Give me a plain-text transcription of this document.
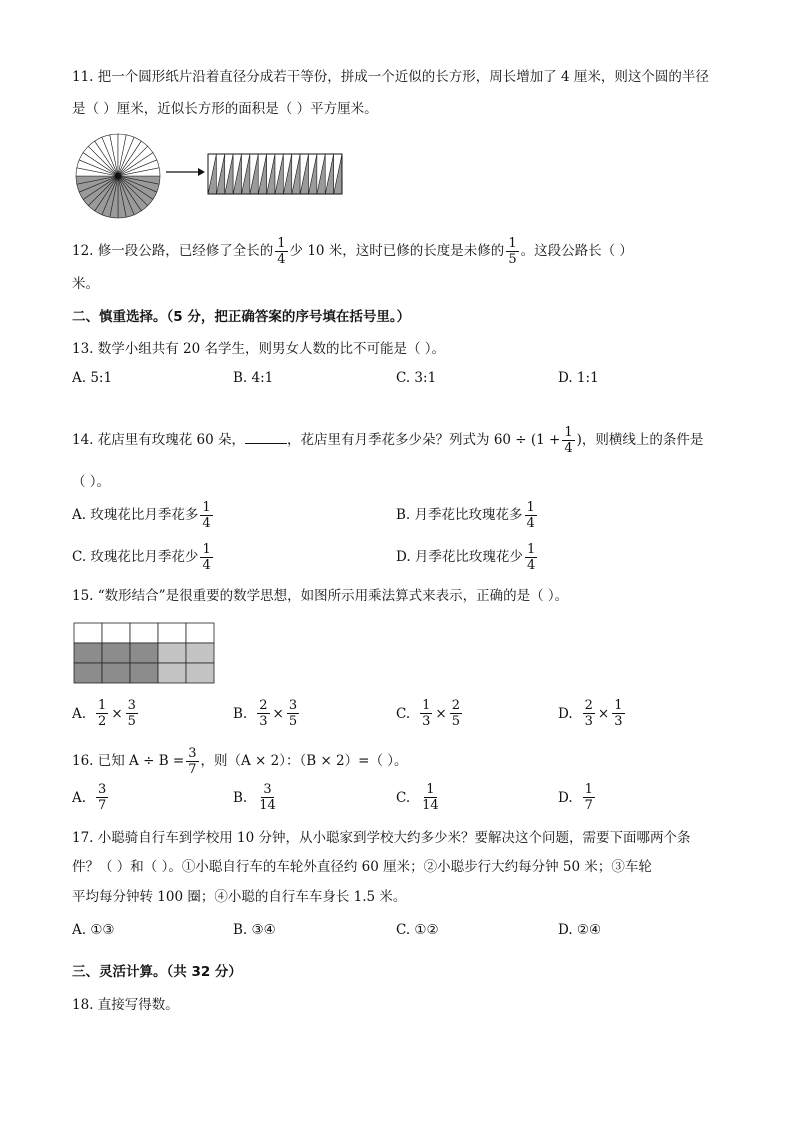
11. 把一个圆形纸片沿着直径分成若干等份，拼成一个近似的长方形，周长增加了 4 厘米，则这个圆的半径
是（ ）厘米，近似长方形的面积是（ ）平方厘米。
12. 修一段公路，已经修了全长的 $\frac{1}{4}$ 少 10 米，这时已修的长度是未修的 $\frac{1}{5}$ 。这段公路长（ ）
米。
二、慎重选择。（5 分，把正确答案的序号填在括号里。）
13. 数学小组共有 20 名学生，则男女人数的比不可能是（ ）。
A. 5:1	B. 4:1	C. 3:1	D. 1:1
14. 花店里有玫瑰花 60 朵，	，花店里有月季花多少朵？列式为 $60 \div (1 + \frac{1}{4}$ )，则横线上的条件是
（ ）。
A. 玫瑰花比月季花多 $\frac{1}{4}$	B. 月季花比玫瑰花多 $\frac{1}{4}$
C. 玫瑰花比月季花少 $\frac{1}{4}$	D. 月季花比玫瑰花少 $\frac{1}{4}$
15. “数形结合”是很重要的数学思想，如图所示用乘法算式来表示，正确的是（ ）。
A. $\frac{1}{2} \times \frac{3}{5}$	B. $\frac{2}{3} \times \frac{3}{5}$	C. $\frac{1}{3} \times \frac{2}{5}$	D. $\frac{2}{3} \times \frac{1}{3}$
16. 已知 $A \div B = \frac{3}{7}$ ，则（A × 2）：（B × 2）=（ ）。
A. $\frac{3}{7}$	B. $\frac{3}{14}$	C. $\frac{1}{14}$	D. $\frac{1}{7}$
17. 小聪骑自行车到学校用 10 分钟，从小聪家到学校大约多少米？要解决这个问题，需要下面哪两个条
件？（ ）和（ ）。①小聪自行车的车轮外直径约 60 厘米；②小聪步行大约每分钟 50 米；③车轮
平均每分钟转 100 圈；④小聪的自行车车身长 1.5 米。
A. ①③	B. ③④	C. ①②	D. ②④
三、灵活计算。（共 32 分）
18. 直接写得数。
